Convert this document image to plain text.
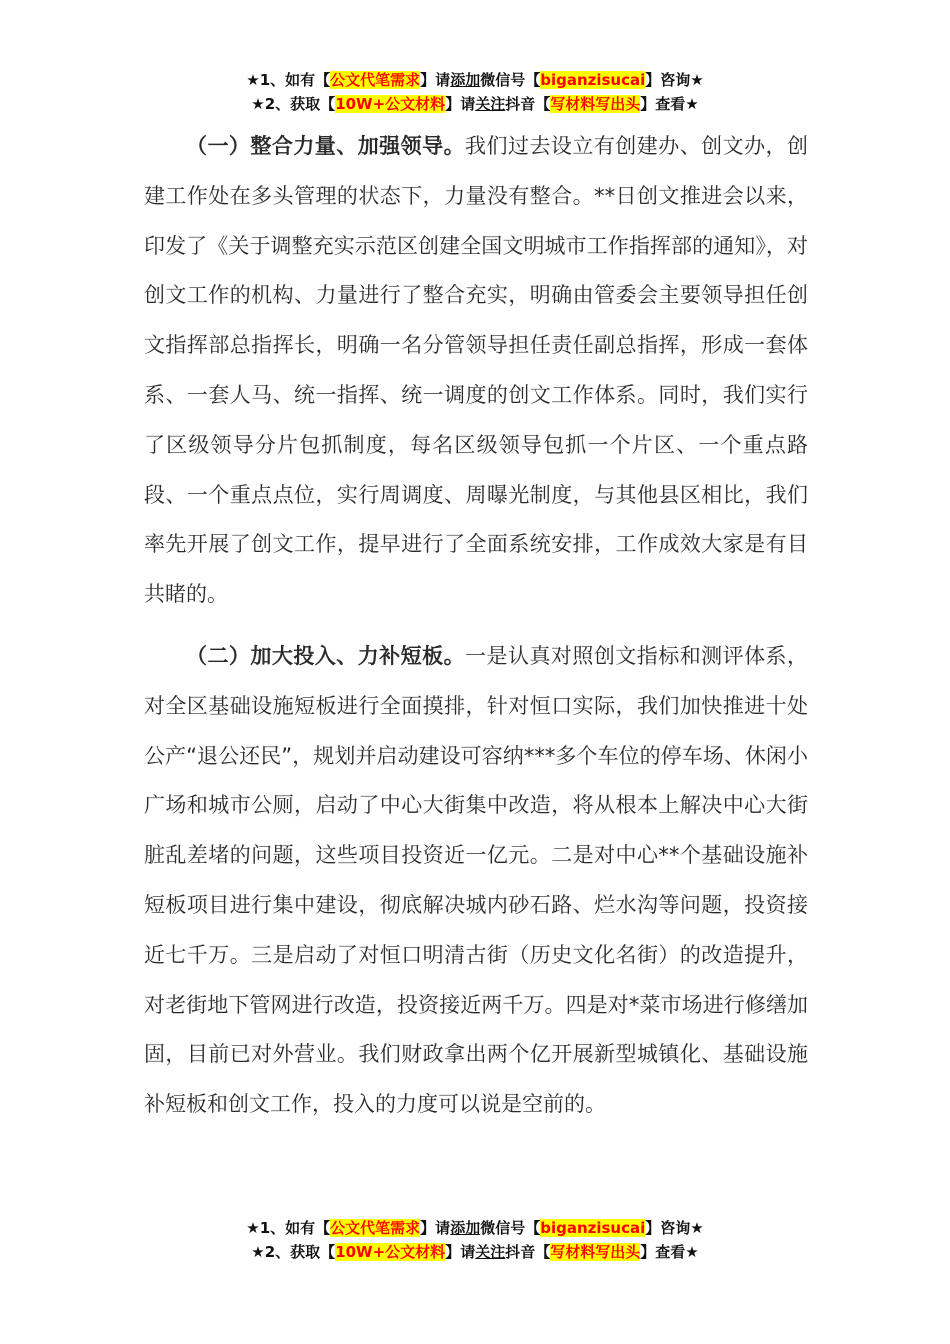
★1、如有【公文代笔需求】请添加微信号【biganzisucai】咨询★
★2、获取【10W+公文材料】请关注抖音【写材料写出头】查看★

（一）整合力量、加强领导。我们过去设立有创建办、创文办，创建工作处在多头管理的状态下，力量没有整合。**日创文推进会以来，印发了《关于调整充实示范区创建全国文明城市工作指挥部的通知》，对创文工作的机构、力量进行了整合充实，明确由管委会主要领导担任创文指挥部总指挥长，明确一名分管领导担任责任副总指挥，形成一套体系、一套人马、统一指挥、统一调度的创文工作体系。同时，我们实行了区级领导分片包抓制度，每名区级领导包抓一个片区、一个重点路段、一个重点点位，实行周调度、周曝光制度，与其他县区相比，我们率先开展了创文工作，提早进行了全面系统安排，工作成效大家是有目共睹的。

（二）加大投入、力补短板。一是认真对照创文指标和测评体系，对全区基础设施短板进行全面摸排，针对恒口实际，我们加快推进十处公产“退公还民”，规划并启动建设可容纳***多个车位的停车场、休闲小广场和城市公厕，启动了中心大街集中改造，将从根本上解决中心大街脏乱差堵的问题，这些项目投资近一亿元。二是对中心**个基础设施补短板项目进行集中建设，彻底解决城内砂石路、烂水沟等问题，投资接近七千万。三是启动了对恒口明清古街（历史文化名街）的改造提升，对老街地下管网进行改造，投资接近两千万。四是对*菜市场进行修缮加固，目前已对外营业。我们财政拿出两个亿开展新型城镇化、基础设施补短板和创文工作，投入的力度可以说是空前的。

★1、如有【公文代笔需求】请添加微信号【biganzisucai】咨询★
★2、获取【10W+公文材料】请关注抖音【写材料写出头】查看★
